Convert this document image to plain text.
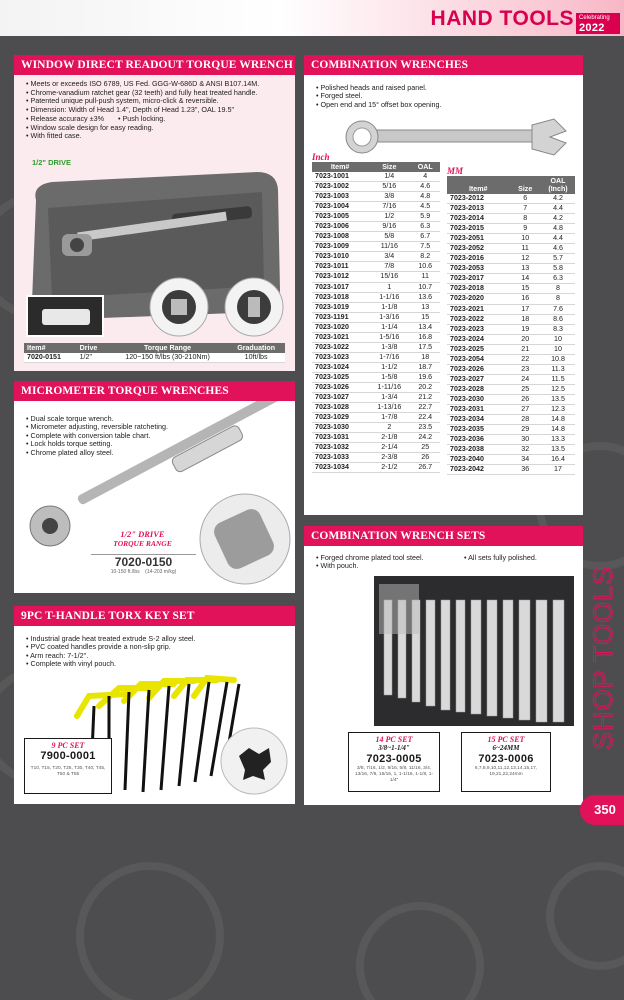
HAND TOOLS Celebrating
2022
WINDOW DIRECT READOUT TORQUE WRENCH
• Meets or exceeds ISO 6789, US Fed. GGG-W-686D & ANSI B107.14M.
• Chrome-vanadium ratchet gear (32 teeth) and fully heat treated handle.
• Patented unique pull-push system, micro-click & reversible.
• Dimension: Width of Head 1.4", Depth of Head 1.23", OAL 19.5"
• Release accuracy ±3% • Push locking.
• Window scale design for easy reading.
• With fitted case.
1/2" DRIVE
Item#	Drive	Torque Range	Graduation
7020-0151	1/2"	120~150 ft/lbs (30-210Nm)	10ft/lbs
MICROMETER TORQUE WRENCHES
• Dual scale torque wrench.
• Micrometer adjusting, reversible ratcheting.
• Complete with conversion table chart.
• Lock holds torque setting.
• Chrome plated alloy steel.
1/2" DRIVE
TORQUE RANGE
7020-0150
10-150 ft./lbs (14-203 m/kg)
9PC T-HANDLE TORX KEY SET
• Industrial grade heat treated extrude S-2 alloy steel.
• PVC coated handles provide a non-slip grip.
• Arm reach: 7-1/2".
• Complete with vinyl pouch.
9 PC SET
7900-0001
T10, T15, T20, T25, T30, T40, T45, T50 & T55
COMBINATION WRENCHES
• Polished heads and raised panel.
• Forged steel.
• Open end and 15° offset box opening.
Inch
MM
Item#	Size	OAL
7023-1001	1/4	4
7023-1002	5/16	4.6
7023-1003	3/8	4.8
7023-1004	7/16	4.5
7023-1005	1/2	5.9
7023-1006	9/16	6.3
7023-1008	5/8	6.7
7023-1009	11/16	7.5
7023-1010	3/4	8.2
7023-1011	7/8	10.6
7023-1012	15/16	11
7023-1017	1	10.7
7023-1018	1-1/16	13.6
7023-1019	1-1/8	13
7023-1191	1-3/16	15
7023-1020	1-1/4	13.4
7023-1021	1-5/16	16.8
7023-1022	1-3/8	17.5
7023-1023	1-7/16	18
7023-1024	1-1/2	18.7
7023-1025	1-5/8	19.6
7023-1026	1-11/16	20.2
7023-1027	1-3/4	21.2
7023-1028	1-13/16	22.7
7023-1029	1-7/8	22.4
7023-1030	2	23.5
7023-1031	2-1/8	24.2
7023-1032	2-1/4	25
7023-1033	2-3/8	26
7023-1034	2-1/2	26.7
Item#	Size	OAL (Inch)
7023-2012	6	4.2
7023-2013	7	4.4
7023-2014	8	4.2
7023-2015	9	4.8
7023-2051	10	4.4
7023-2052	11	4.6
7023-2016	12	5.7
7023-2053	13	5.8
7023-2017	14	6.3
7023-2018	15	8
7023-2020	16	8
7023-2021	17	7.6
7023-2022	18	8.6
7023-2023	19	8.3
7023-2024	20	10
7023-2025	21	10
7023-2054	22	10.8
7023-2026	23	11.3
7023-2027	24	11.5
7023-2028	25	12.5
7023-2030	26	13.5
7023-2031	27	12.3
7023-2034	28	14.8
7023-2035	29	14.8
7023-2036	30	13.3
7023-2038	32	13.5
7023-2040	34	16.4
7023-2042	36	17
COMBINATION WRENCH SETS
• Forged chrome plated tool steel.
• With pouch.
• All sets fully polished.
14 PC SET
3/8~1-1/4"
7023-0005
3/8, 7/16, 1/2, 9/16, 5/8, 11/16, 3/4, 13/16, 7/8, 15/16, 1, 1-1/16, 1-1/8, 1-1/4"
15 PC SET
6~24MM
7023-0006
6,7,8,9,10,11,12,13,14,15,17, 19,21,22,24mm
SHOP TOOLS
350
